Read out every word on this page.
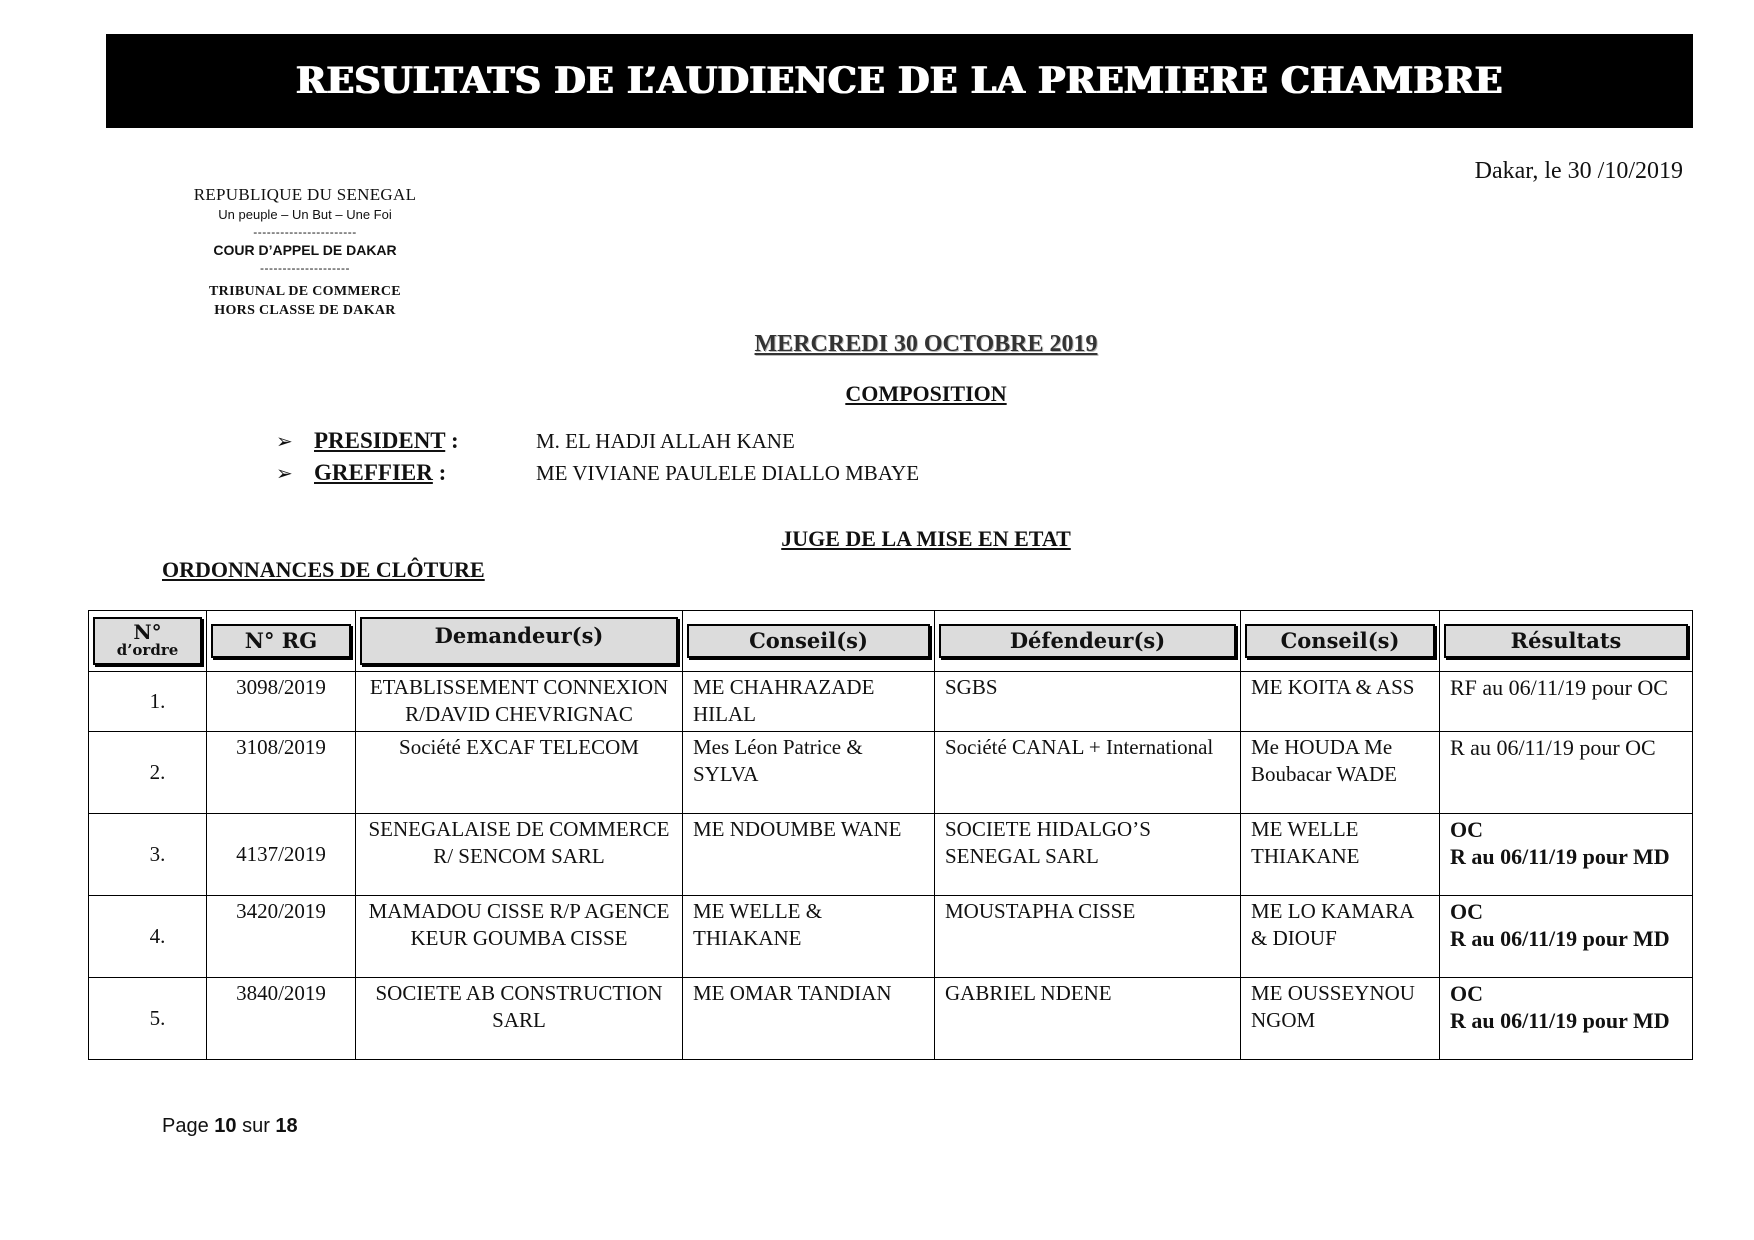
RESULTATS DE L’AUDIENCE DE LA PREMIERE CHAMBRE
Dakar, le 30 /10/2019
REPUBLIQUE DU SENEGAL
Un peuple – Un But – Une Foi
-----------------------
COUR D’APPEL DE DAKAR
--------------------
TRIBUNAL DE COMMERCE
HORS CLASSE DE DAKAR
MERCREDI 30 OCTOBRE 2019
COMPOSITION
➢ PRESIDENT :	M. EL HADJI ALLAH KANE
➢ GREFFIER :	ME VIVIANE PAULELE DIALLO MBAYE
JUGE DE LA MISE EN ETAT
ORDONNANCES DE CLÔTURE
N°
d’ordre	N° RG	Demandeur(s)	Conseil(s)	Défendeur(s)	Conseil(s)	Résultats

1.	3098/2019	ETABLISSEMENT CONNEXION R/DAVID CHEVRIGNAC	ME CHAHRAZADE HILAL	SGBS	ME KOITA & ASS	RF au 06/11/19 pour OC

2.	3108/2019	Société EXCAF TELECOM	Mes Léon Patrice & SYLVA	Société CANAL + International	Me HOUDA Me Boubacar WADE	R au 06/11/19 pour OC

3.	4137/2019	SENEGALAISE DE COMMERCE R/ SENCOM SARL	ME NDOUMBE WANE	SOCIETE HIDALGO’S SENEGAL SARL	ME WELLE THIAKANE	OC
R au 06/11/19 pour MD

4.	3420/2019	MAMADOU CISSE R/P AGENCE KEUR GOUMBA CISSE	ME WELLE & THIAKANE	MOUSTAPHA CISSE	ME LO KAMARA & DIOUF	OC
R au 06/11/19 pour MD

5.	3840/2019	SOCIETE AB CONSTRUCTION SARL	ME OMAR TANDIAN	GABRIEL NDENE	ME OUSSEYNOU NGOM	OC
R au 06/11/19 pour MD
Page 10 sur 18
